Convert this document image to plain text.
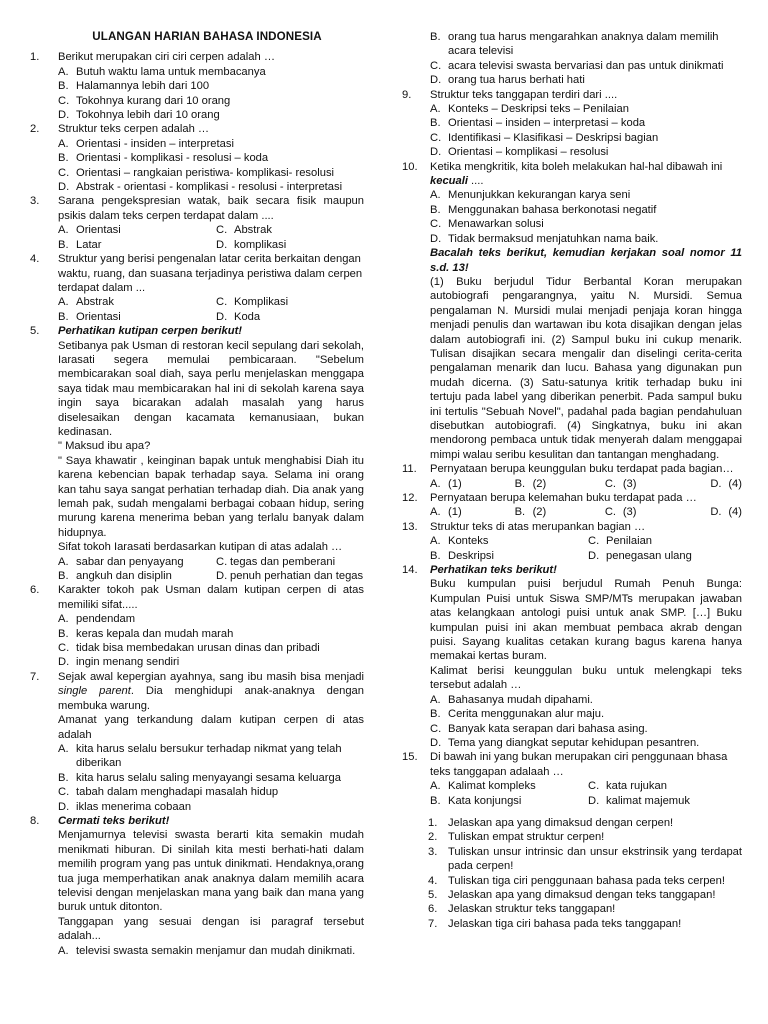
ULANGAN HARIAN BAHASA INDONESIA
1. Berikut merupakan ciri ciri cerpen adalah …
A. Butuh waktu lama untuk membacanya
B. Halamannya lebih dari 100
C. Tokohnya kurang dari 10 orang
D. Tokohnya lebih dari 10 orang
2. Struktur teks cerpen adalah …
A. Orientasi - insiden – interpretasi
B. Orientasi - komplikasi - resolusi – koda
C. Orientasi – rangkaian peristiwa- komplikasi- resolusi
D. Abstrak - orientasi - komplikasi - resolusi - interpretasi
3. Sarana pengekspresian watak, baik secara fisik maupun psikis dalam teks cerpen terdapat dalam ....
A. Orientasi	C. Abstrak
B. Latar	D. komplikasi
4. Struktur yang berisi pengenalan latar cerita berkaitan dengan waktu, ruang, dan suasana terjadinya peristiwa dalam cerpen terdapat dalam ...
A. Abstrak	C. Komplikasi
B. Orientasi	D. Koda
5. Perhatikan kutipan cerpen berikut!
Setibanya pak Usman di restoran kecil sepulang dari sekolah, Iarasati segera memulai pembicaraan. "Sebelum membicarakan soal diah, saya perlu menjelaskan menggapa saya tidak mau membicarakan hal ini di sekolah karena saya ingin saya bicarakan adalah masalah yang harus diselesaikan dengan kacamata kemanusiaan, bukan kedinasan.
" Maksud ibu apa?
" Saya khawatir , keinginan bapak untuk menghabisi Diah itu karena kebencian bapak terhadap saya. Selama ini orang kan tahu saya sangat perhatian terhadap diah. Dia anak yang lemah pak, sudah mengalami berbagai cobaan hidup, sering murung karena menerima beban yang terlalu banyak dalam hidupnya.
Sifat tokoh Iarasati berdasarkan kutipan di atas adalah …
A. sabar dan penyayang	C. tegas dan pemberani
B. angkuh dan disiplin	D. penuh perhatian dan tegas
6. Karakter tokoh pak Usman dalam kutipan cerpen di atas memiliki sifat.....
A. pendendam
B. keras kepala dan mudah marah
C. tidak bisa membedakan urusan dinas dan pribadi
D. ingin menang sendiri
7. Sejak awal kepergian ayahnya, sang ibu masih bisa menjadi single parent. Dia menghidupi anak-anaknya dengan membuka warung.
Amanat yang terkandung dalam kutipan cerpen di atas adalah
A. kita harus selalu bersukur terhadap nikmat yang telah diberikan
B. kita harus selalu saling menyayangi sesama keluarga
C. tabah dalam menghadapi masalah hidup
D. iklas menerima cobaan
8. Cermati teks berikut!
Menjamurnya televisi swasta berarti kita semakin mudah menikmati hiburan. Di sinilah kita mesti berhati-hati dalam memilih program yang pas untuk dinikmati. Hendaknya,orang tua juga memperhatikan anak anaknya dalam memilih acara televisi dengan menjelaskan mana yang baik dan mana yang buruk untuk ditonton.
Tanggapan yang sesuai dengan isi paragraf tersebut adalah...
A. televisi swasta semakin menjamur dan mudah dinikmati.
B. orang tua harus mengarahkan anaknya dalam memilih acara televisi
C. acara televisi swasta bervariasi dan pas untuk dinikmati
D. orang tua harus berhati hati
9. Struktur teks tanggapan terdiri dari ....
A. Konteks – Deskripsi teks – Penilaian
B. Orientasi – insiden – interpretasi – koda
C. Identifikasi – Klasifikasi – Deskripsi bagian
D. Orientasi – komplikasi – resolusi
10. Ketika mengkritik, kita boleh melakukan hal-hal dibawah ini
kecuali ....
A. Menunjukkan kekurangan karya seni
B. Menggunakan bahasa berkonotasi negatif
C. Menawarkan solusi
D. Tidak bermaksud menjatuhkan nama baik.
Bacalah teks berikut, kemudian kerjakan soal nomor 11 s.d. 13!
(1) Buku berjudul Tidur Berbantal Koran merupakan autobiografi pengarangnya, yaitu N. Mursidi. Semua pengalaman N. Mursidi mulai menjadi penjaja koran hingga menjadi penulis dan wartawan ibu kota disajikan dengan jelas dalam autobiografi ini. (2) Sampul buku ini cukup menarik. Tulisan disajikan secara mengalir dan diselingi cerita-cerita pengalaman menarik dan lucu. Bahasa yang digunakan pun mudah dicerna. (3) Satu-satunya kritik terhadap buku ini tertuju pada label yang diberikan penerbit. Pada sampul buku ini tertulis "Sebuah Novel", padahal pada bagian pendahuluan disebutkan autobiografi. (4) Singkatnya, buku ini akan mendorong pembaca untuk tidak menyerah dalam menggapai mimpi walau seribu kesulitan dan tantangan menghadang.
11. Pernyataan berupa keunggulan buku terdapat pada bagian…
A. (1)	B. (2)	C. (3)	D. (4)
12. Pernyataan berupa kelemahan buku terdapat pada …
A. (1)	B. (2)	C. (3)	D. (4)
13. Struktur teks di atas merupankan bagian …
A. Konteks	C. Penilaian
B. Deskripsi	D. penegasan ulang
14. Perhatikan teks berikut!
Buku kumpulan puisi berjudul Rumah Penuh Bunga: Kumpulan Puisi untuk Siswa SMP/MTs merupakan jawaban atas kelangkaan antologi puisi untuk anak SMP. […] Buku kumpulan puisi ini akan membuat pembaca akrab dengan puisi. Sayang kualitas cetakan kurang bagus karena hanya memakai kertas buram.
Kalimat berisi keunggulan buku untuk melengkapi teks tersebut adalah …
A. Bahasanya mudah dipahami.
B. Cerita menggunakan alur maju.
C. Banyak kata serapan dari bahasa asing.
D. Tema yang diangkat seputar kehidupan pesantren.
15. Di bawah ini yang bukan merupakan ciri penggunaan bhasa teks tanggapan adalaah …
A. Kalimat kompleks	C. kata rujukan
B. Kata konjungsi	D. kalimat majemuk
1. Jelaskan apa yang dimaksud dengan cerpen!
2. Tuliskan empat struktur cerpen!
3. Tuliskan unsur intrinsic dan unsur ekstrinsik yang terdapat pada cerpen!
4. Tuliskan tiga ciri penggunaan bahasa pada teks cerpen!
5. Jelaskan apa yang dimaksud dengan teks tanggapan!
6. Jelaskan struktur teks tanggapan!
7. Jelaskan tiga ciri bahasa pada teks tanggapan!
